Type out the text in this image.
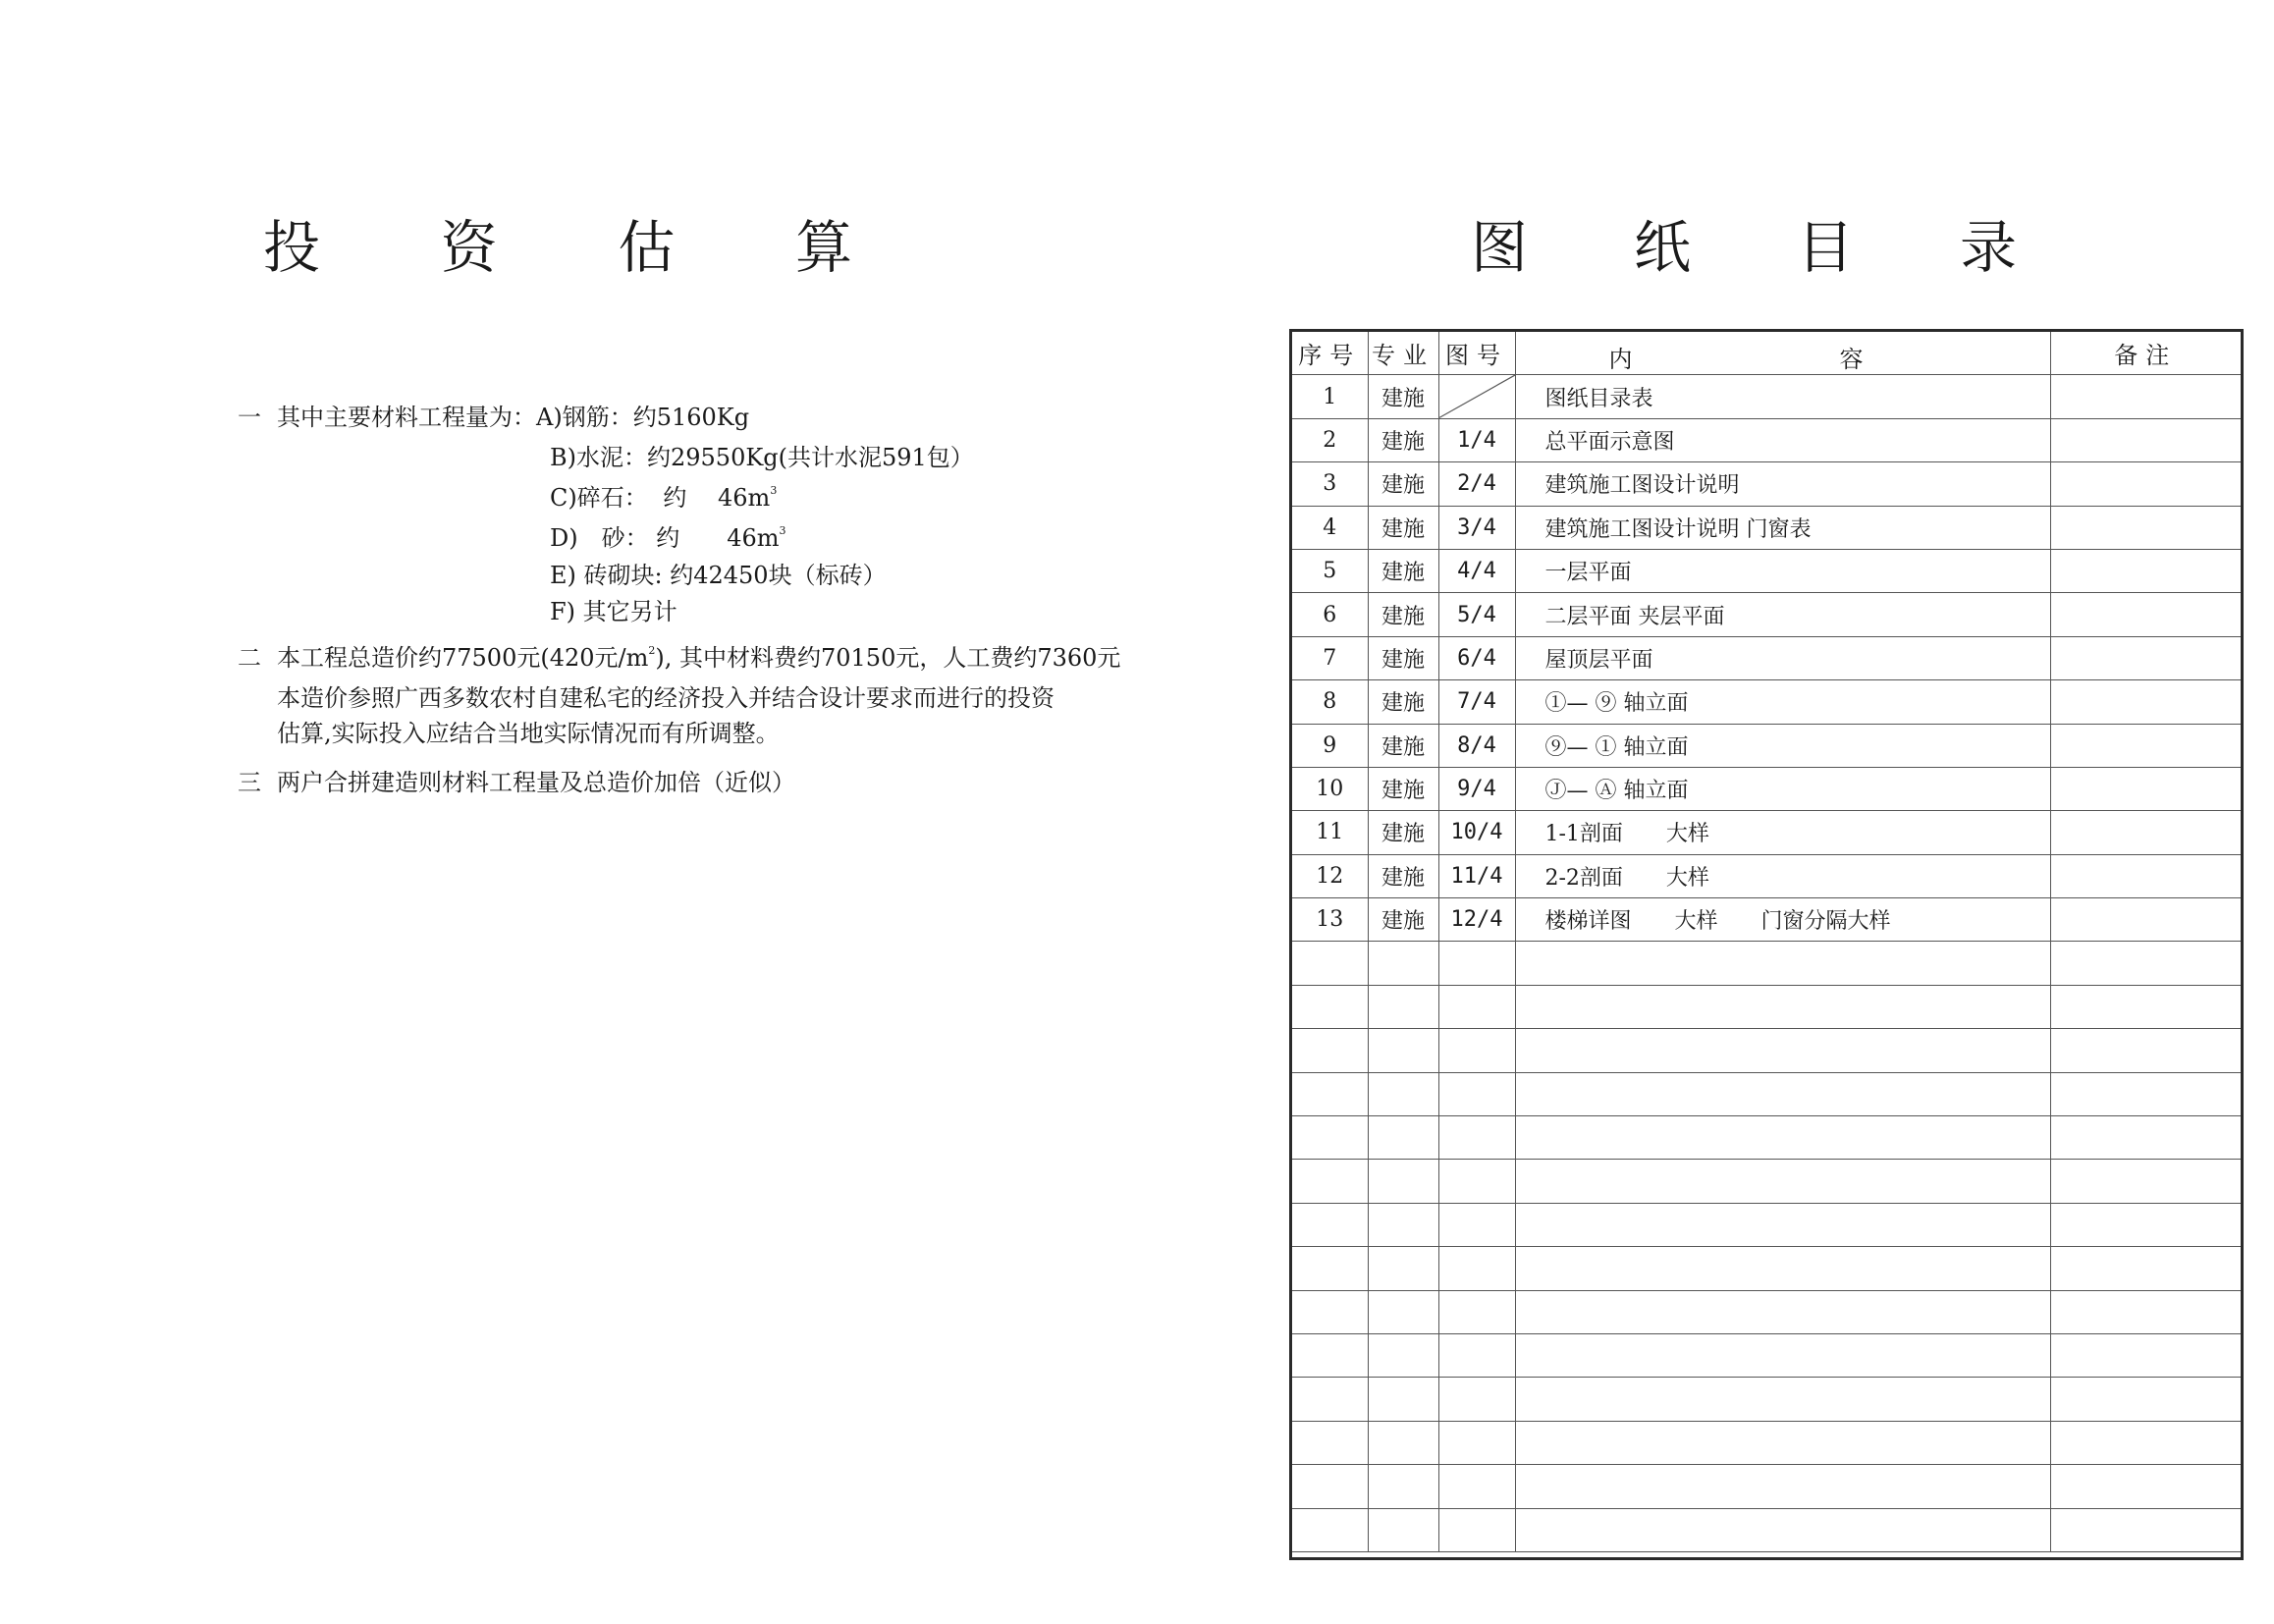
投 资 估 算
一 其中主要材料工程量为：A)钢筋：约5160Kg
B)水泥：约29550Kg(共计水泥591包）
C)碎石： 约　 $46m^3$
D)　砂： 约　　$46m^3$
E) 砖砌块: 约42450块（标砖）
F) 其它另计
二 本工程总造价约77500元(420元$/m^2$), 其中材料费约70150元，人工费约7360元
本造价参照广西多数农村自建私宅的经济投入并结合设计要求而进行的投资
估算,实际投入应结合当地实际情况而有所调整。
三 两户合拼建造则材料工程量及总造价加倍（近似）
图 纸 目 录
序号	专业	图号	内 容	备注
1	建施		图纸目录表	
2	建施	1/4	总平面示意图	
3	建施	2/4	建筑施工图设计说明	
4	建施	3/4	建筑施工图设计说明 门窗表	
5	建施	4/4	一层平面	
6	建施	5/4	二层平面 夹层平面	
7	建施	6/4	屋顶层平面	
8	建施	7/4	①— ⑨ 轴立面	
9	建施	8/4	⑨— ① 轴立面	
10	建施	9/4	Ⓙ— Ⓐ 轴立面	
11	建施	10/4	1-1剖面　　大样	
12	建施	11/4	2-2剖面　　大样	
13	建施	12/4	楼梯详图　　大样　　门窗分隔大样	
